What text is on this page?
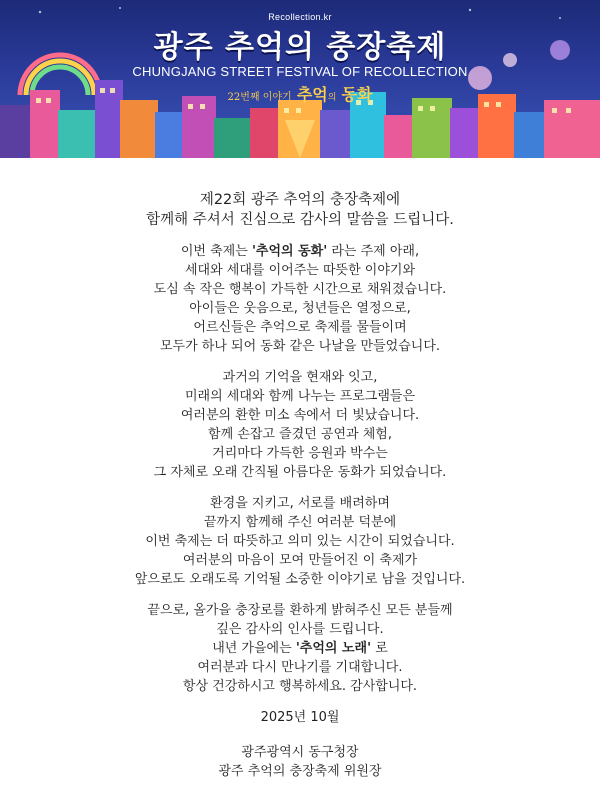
Recollection.kr
광주 추억의 충장축제
CHUNGJANG STREET FESTIVAL OF RECOLLECTION
22번째 이야기 추억의 동화

제22회 광주 추억의 충장축제에
함께해 주셔서 진심으로 감사의 말씀을 드립니다.

이번 축제는 '추억의 동화' 라는 주제 아래,
세대와 세대를 이어주는 따뜻한 이야기와
도심 속 작은 행복이 가득한 시간으로 채워졌습니다.
아이들은 웃음으로, 청년들은 열정으로,
어르신들은 추억으로 축제를 물들이며
모두가 하나 되어 동화 같은 나날을 만들었습니다.

과거의 기억을 현재와 잇고,
미래의 세대와 함께 나누는 프로그램들은
여러분의 환한 미소 속에서 더 빛났습니다.
함께 손잡고 즐겼던 공연과 체험,
거리마다 가득한 응원과 박수는
그 자체로 오래 간직될 아름다운 동화가 되었습니다.

환경을 지키고, 서로를 배려하며
끝까지 함께해 주신 여러분 덕분에
이번 축제는 더 따뜻하고 의미 있는 시간이 되었습니다.
여러분의 마음이 모여 만들어진 이 축제가
앞으로도 오래도록 기억될 소중한 이야기로 남을 것입니다.

끝으로, 올가을 충장로를 환하게 밝혀주신 모든 분들께
깊은 감사의 인사를 드립니다.
내년 가을에는 '추억의 노래' 로
여러분과 다시 만나기를 기대합니다.
항상 건강하시고 행복하세요. 감사합니다.

2025년 10월

광주광역시 동구청장
광주 추억의 충장축제 위원장
